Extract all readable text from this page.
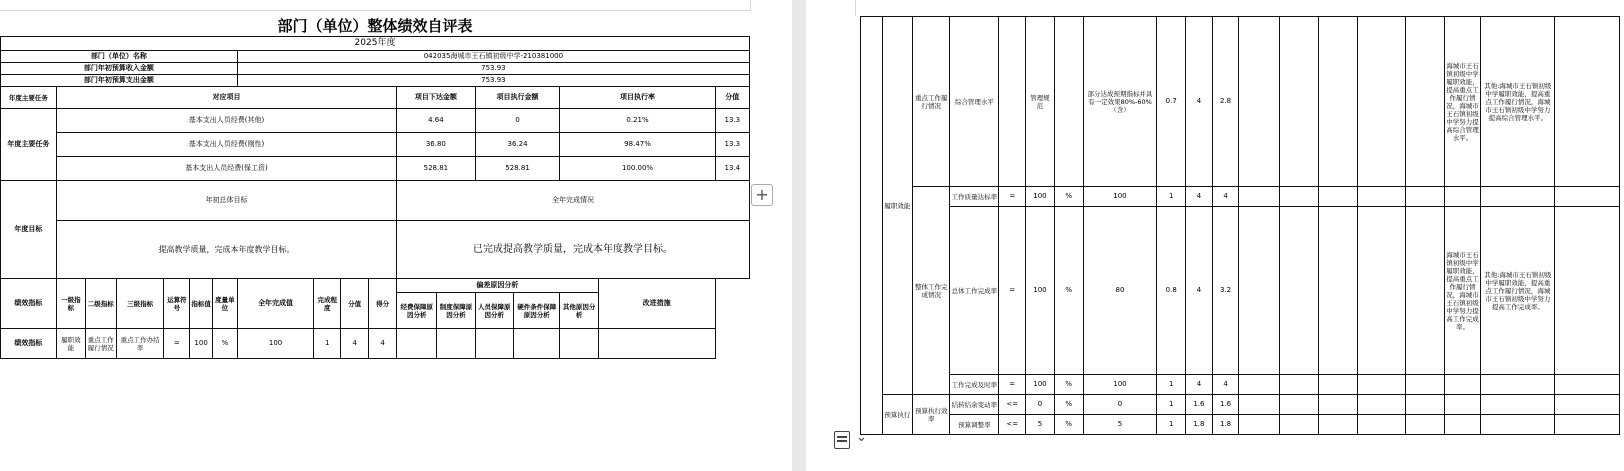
部门（单位）整体绩效自评表																	
2025年度																	
部门（单位）名称							042035海城市王石镇初级中学-210381000										
部门年初预算收入金额							753.93										
部门年初预算支出金额							753.93										
年度主要任务	对应项目										项目下达金额		项目执行金额		项目执行率		分值
年度主要任务	基本支出人员经费(其他)										4.64		0		0.21%		13.3
	基本支出人员经费(刚性)										36.80		36.24		98.47%		13.3
	基本支出人员经费(保工资)										528.81		528.81		100.00%		13.4
年度目标	年初总体目标										全年完成情况						
	提高教学质量，完成本年度教学目标。										已完成提高教学质量，完成本年度教学目标。						
绩效指标	一级指标	二级指标	三级指标	运算符号	指标值	度量单位	全年完成值	完成程度	分值	得分	偏差原因分析					改进措施
											经费保障原因分析	制度保障原因分析	人员保障原因分析	硬件条件保障原因分析	其他原因分析		
绩效指标	履职效能	重点工作履行情况	重点工作办结率	=	100	%	100	1	4	4						
+
	履职效能	重点工作履行情况	综合管理水平		管理规范		部分达成预期指标并具有一定效果80%-60%（含）	0.7	4	2.8						海城市王石镇初级中学履职效能，提高重点工作履行情况，海城市王石镇初级中学努力提高综合管理水平。	其他:海城市王石镇初级中学履职效能，提高重点工作履行情况，海城市王石镇初级中学努力提高综合管理水平。	
		整体工作完成情况	工作质量达标率	=	100	%	100	1	4	4								
			总体工作完成率	=	100	%	80	0.8	4	3.2						海城市王石镇初级中学履职效能，提高重点工作履行情况，海城市王石镇初级中学努力提高工作完成率。	其他:海城市王石镇初级中学履职效能，提高重点工作履行情况，海城市王石镇初级中学努力提高工作完成率。	
			工作完成及时率	=	100	%	100	1	4	4								
	预算执行	预算执行效率	结转结余变动率	<=	0	%	0	1	1.6	1.6								
			预算调整率	<=	5	%	5	1	1.8	1.8								
⌄
